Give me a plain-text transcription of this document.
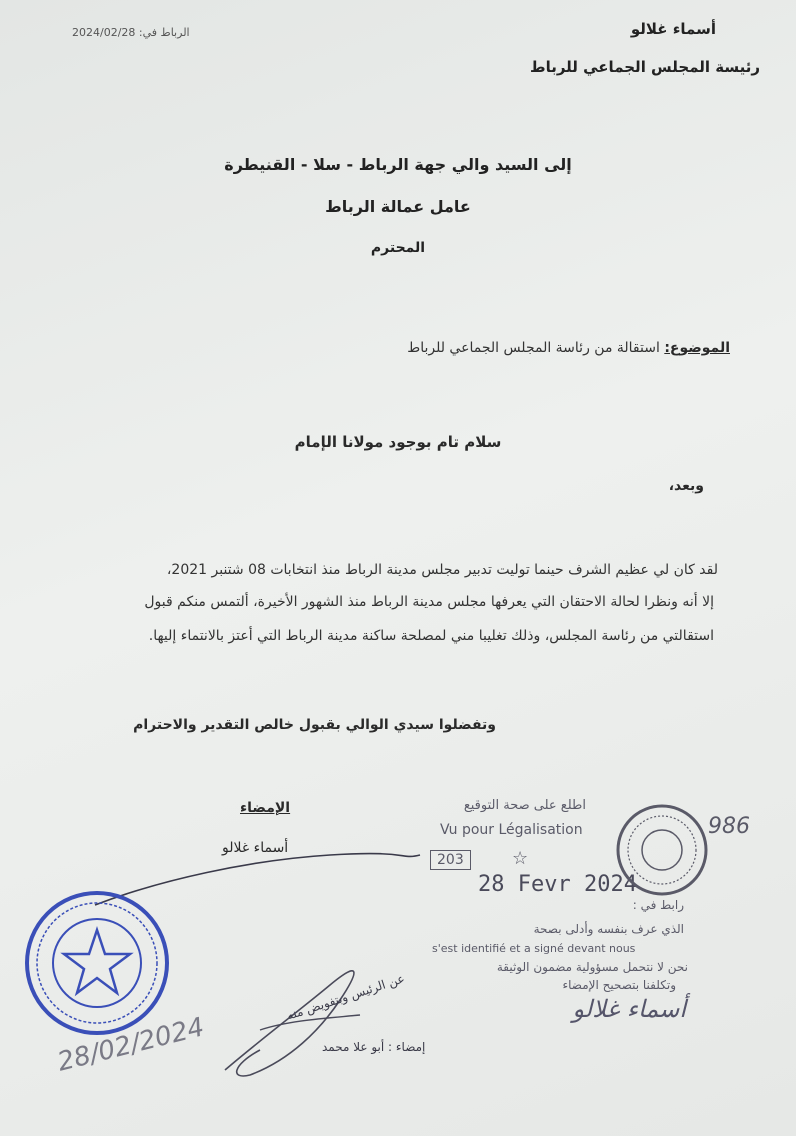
الرباط في: 2024/02/28	أسماء غلالو
رئيسة المجلس الجماعي للرباط
إلى السيد والي جهة الرباط - سلا - القنيطرة
عامل عمالة الرباط
المحترم
الموضوع: استقالة من رئاسة المجلس الجماعي للرباط
سلام تام بوجود مولانا الإمام
وبعد،
لقد كان لي عظيم الشرف حينما توليت تدبير مجلس مدينة الرباط منذ انتخابات 08 شتنبر 2021،
إلا أنه ونظرا لحالة الاحتقان التي يعرفها مجلس مدينة الرباط منذ الشهور الأخيرة، ألتمس منكم قبول
استقالتي من رئاسة المجلس، وذلك تغليبا مني لمصلحة ساكنة مدينة الرباط التي أعتز بالانتماء إليها.
وتفضلوا سيدي الوالي بقبول خالص التقدير والاحترام
الإمضاء
أسماء غلالو
اطلع على صحة التوقيع
Vu pour Légalisation
203	☆
28 Fevr 2024
رابط في :
الذي عرف بنفسه وأدلى بصحة
s'est identifié et a signé devant nous
نحن لا نتحمل مسؤولية مضمون الوثيقة
وتكلفنا بتصحيح الإمضاء
أسماء غلالو
986
عن الرئيس وبتفويض منه
إمضاء : أبو علا محمد
28/02/2024
